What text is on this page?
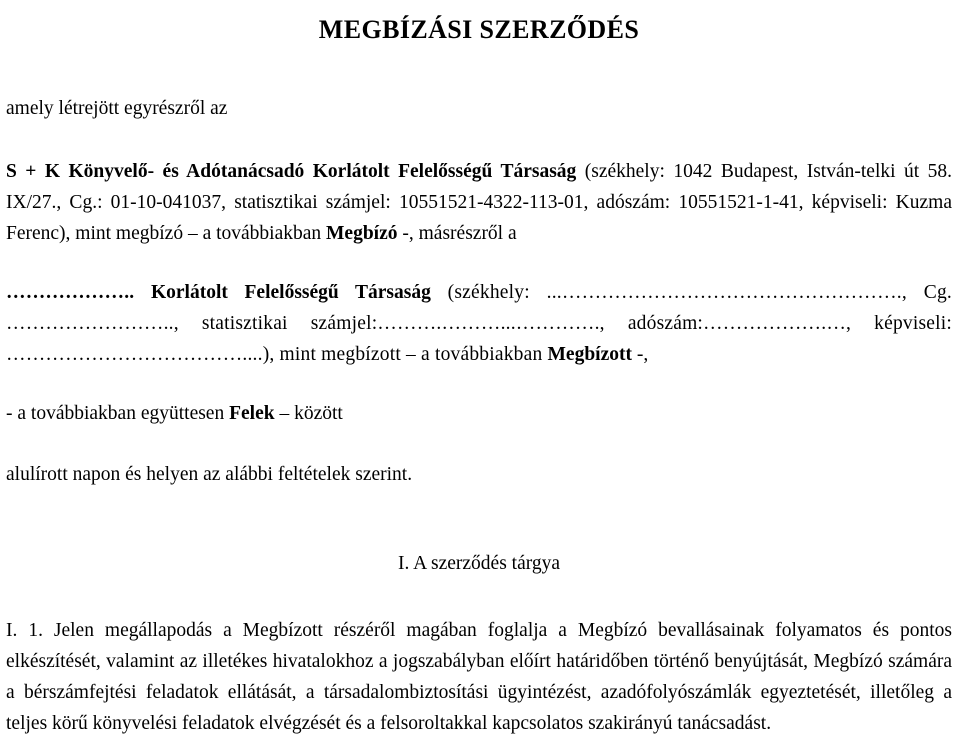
MEGBÍZÁSI SZERZŐDÉS

amely létrejött egyrészről az

S + K Könyvelő- és Adótanácsadó Korlátolt Felelősségű Társaság (székhely: 1042 Budapest, István-telki út 58. IX/27., Cg.: 01-10-041037, statisztikai számjel: 10551521-4322-113-01, adószám: 10551521-1-41, képviseli: Kuzma Ferenc), mint megbízó – a továbbiakban Megbízó -, másrészről a

……………….. Korlátolt Felelősségű Társaság (székhely: ...……………………………………………., Cg. …………………….., statisztikai számjel:……….………...…………., adószám:……………….…, képviseli: ………………………………....), mint megbízott – a továbbiakban Megbízott -,

- a továbbiakban együttesen Felek – között

alulírott napon és helyen az alábbi feltételek szerint.

I. A szerződés tárgya

I. 1. Jelen megállapodás a Megbízott részéről magában foglalja a Megbízó bevallásainak folyamatos és pontos elkészítését, valamint az illetékes hivatalokhoz a jogszabályban előírt határidőben történő benyújtását, Megbízó számára a bérszámfejtési feladatok ellátását, a társadalombiztosítási ügyintézést, azadófolyószámlák egyeztetését, illetőleg a teljes körű könyvelési feladatok elvégzését és a felsoroltakkal kapcsolatos szakirányú tanácsadást.
